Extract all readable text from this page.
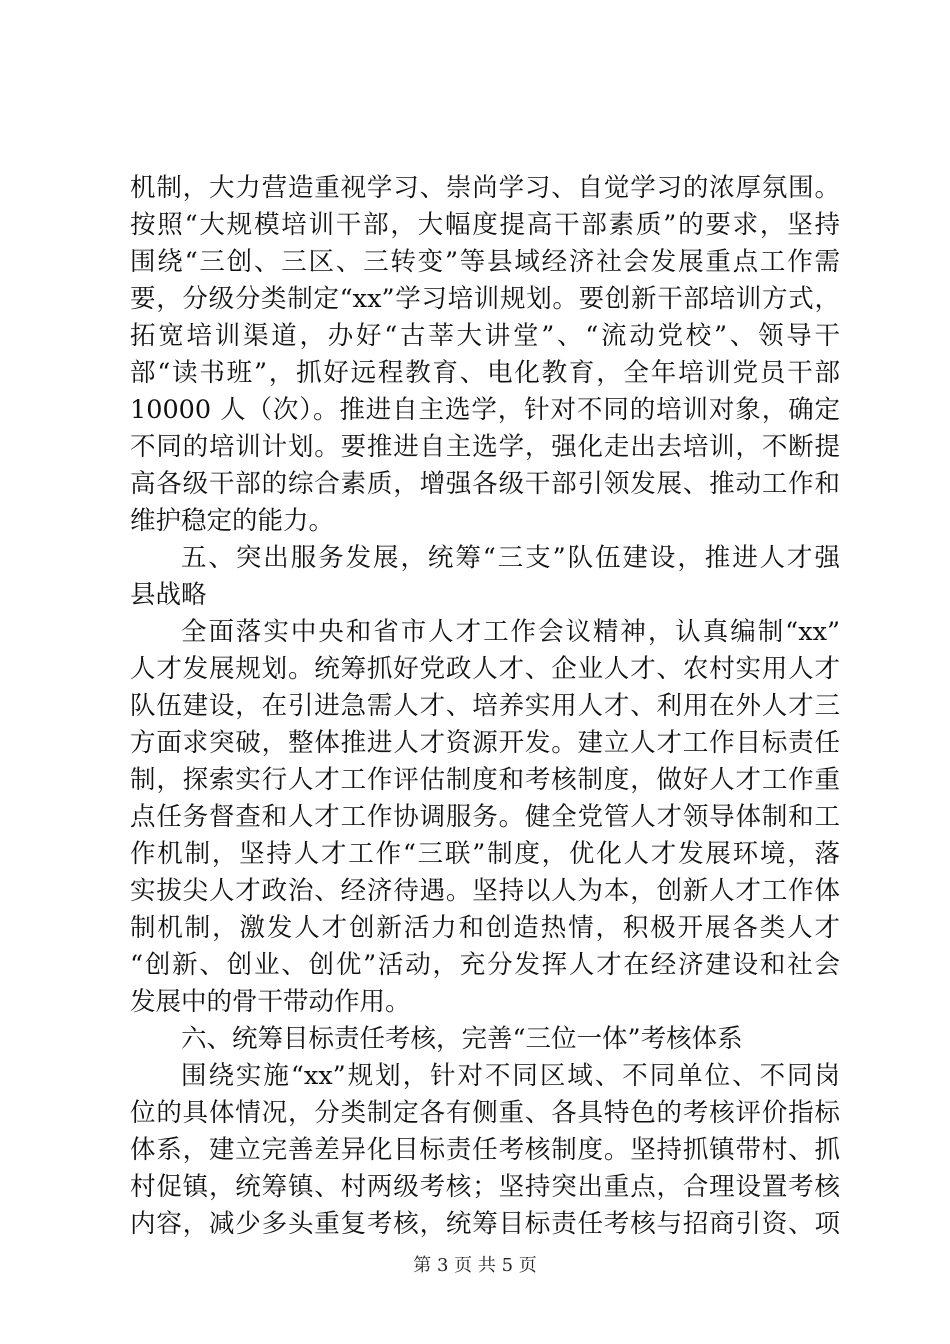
机制，大力营造重视学习、崇尚学习、自觉学习的浓厚氛围。
按照“大规模培训干部，大幅度提高干部素质”的要求，坚持
围绕“三创、三区、三转变”等县域经济社会发展重点工作需
要，分级分类制定“xx”学习培训规划。要创新干部培训方式，
拓宽培训渠道，办好“古莘大讲堂”、“流动党校”、领导干
部“读书班”，抓好远程教育、电化教育，全年培训党员干部
10000 人（次）。推进自主选学，针对不同的培训对象，确定
不同的培训计划。要推进自主选学，强化走出去培训，不断提
高各级干部的综合素质，增强各级干部引领发展、推动工作和
维护稳定的能力。
五、突出服务发展，统筹“三支”队伍建设，推进人才强
县战略
全面落实中央和省市人才工作会议精神，认真编制“xx”
人才发展规划。统筹抓好党政人才、企业人才、农村实用人才
队伍建设，在引进急需人才、培养实用人才、利用在外人才三
方面求突破，整体推进人才资源开发。建立人才工作目标责任
制，探索实行人才工作评估制度和考核制度，做好人才工作重
点任务督查和人才工作协调服务。健全党管人才领导体制和工
作机制，坚持人才工作“三联”制度，优化人才发展环境，落
实拔尖人才政治、经济待遇。坚持以人为本，创新人才工作体
制机制，激发人才创新活力和创造热情，积极开展各类人才
“创新、创业、创优”活动，充分发挥人才在经济建设和社会
发展中的骨干带动作用。
六、统筹目标责任考核，完善“三位一体”考核体系
围绕实施“xx”规划，针对不同区域、不同单位、不同岗
位的具体情况，分类制定各有侧重、各具特色的考核评价指标
体系，建立完善差异化目标责任考核制度。坚持抓镇带村、抓
村促镇，统筹镇、村两级考核；坚持突出重点，合理设置考核
内容，减少多头重复考核，统筹目标责任考核与招商引资、项
第 3 页 共 5 页
